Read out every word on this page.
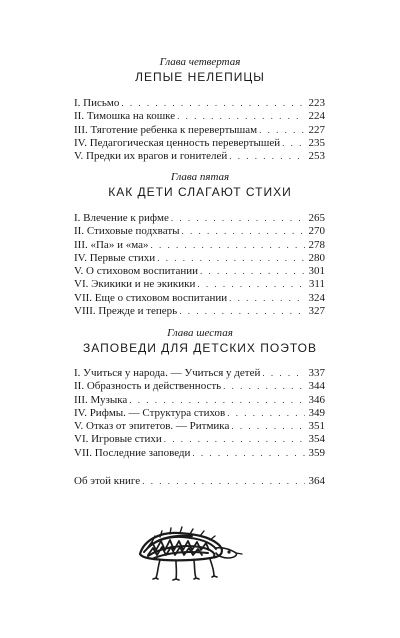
Глава четвертая

ЛЕПЫЕ НЕЛЕПИЦЫ

I. Письмо . . .	223
II. Тимошка на кошке . . .	224
III. Тяготение ребенка к перевертышам . . .	227
IV. Педагогическая ценность перевертышей . . .	235
V. Предки их врагов и гонителей . . .	253

Глава пятая

КАК ДЕТИ СЛАГАЮТ СТИХИ

I. Влечение к рифме . . .	265
II. Стиховые подхваты . . .	270
III. «Па» и «ма» . . .	278
IV. Первые стихи . . .	280
V. О стиховом воспитании . . .	301
VI. Экикики и не экикики . . .	311
VII. Еще о стиховом воспитании . . .	324
VIII. Прежде и теперь . . .	327

Глава шестая

ЗАПОВЕДИ ДЛЯ ДЕТСКИХ ПОЭТОВ

I. Учиться у народа. — Учиться у детей . . .	337
II. Образность и действенность . . .	344
III. Музыка . . .	346
IV. Рифмы. — Структура стихов . . .	349
V. Отказ от эпитетов. — Ритмика . . .	351
VI. Игровые стихи . . .	354
VII. Последние заповеди . . .	359
Об этой книге . . .	364
